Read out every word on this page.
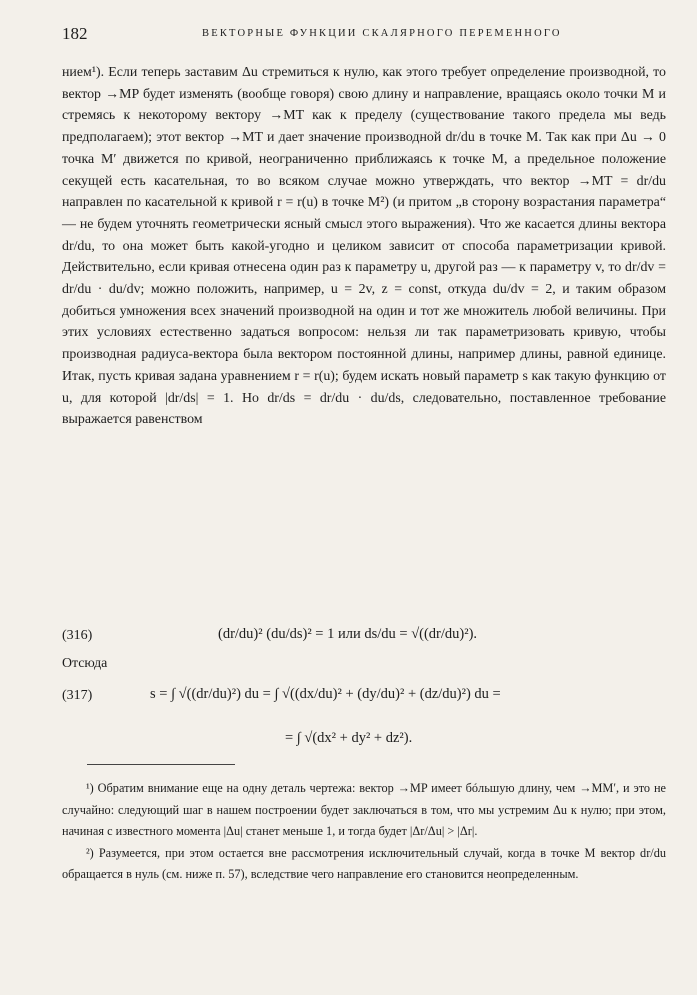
182	ВЕКТОРНЫЕ ФУНКЦИИ СКАЛЯРНОГО ПЕРЕМЕННОГО

нием¹). Если теперь заставим Δu стремиться к нулю, как этого требует определение производной, то вектор →MP будет изменять (вообще говоря) свою длину и направление, вращаясь около точки M и стремясь к некоторому вектору →MT как к пределу (существование такого предела мы ведь предполагаем); этот вектор →MT и дает значение производной dr/du в точке M. Так как при Δu → 0 точка M′ движется по кривой, неограниченно приближаясь к точке M, а предельное положение секущей есть касательная, то во всяком случае можно утверждать, что вектор →MT = dr/du направлен по касательной к кривой r = r(u) в точке M²) (и притом „в сторону возрастания параметра“ — не будем уточнять геометрически ясный смысл этого выражения). Что же касается длины вектора dr/du, то она может быть какой-угодно и целиком зависит от способа параметризации кривой. Действительно, если кривая отнесена один раз к параметру u, другой раз — к параметру v, то dr/dv = dr/du · du/dv; можно положить, например, u = 2v, z = const, откуда du/dv = 2, и таким образом добиться умножения всех значений производной на один и тот же множитель любой величины. При этих условиях естественно задаться вопросом: нельзя ли так параметризовать кривую, чтобы производная радиуса-вектора была вектором постоянной длины, например длины, равной единице. Итак, пусть кривая задана уравнением r = r(u); будем искать новый параметр s как такую функцию от u, для которой |dr/ds| = 1. Но dr/ds = dr/du · du/ds, следовательно, поставленное требование выражается равенством

(316)	(dr/du)² (du/ds)² = 1 или ds/du = √((dr/du)²).
Отсюда
(317)	s = ∫ √((dr/du)²) du = ∫ √((dx/du)² + (dy/du)² + (dz/du)²) du =
= ∫ √(dx² + dy² + dz²).

¹) Обратим внимание еще на одну деталь чертежа: вектор →MP имеет бóльшую длину, чем →MM′, и это не случайно: следующий шаг в нашем построении будет заключаться в том, что мы устремим Δu к нулю; при этом, начиная с известного момента |Δu| станет меньше 1, и тогда будет |Δr/Δu| > |Δr|.

²) Разумеется, при этом остается вне рассмотрения исключительный случай, когда в точке M вектор dr/du обращается в нуль (см. ниже п. 57), вследствие чего направление его становится неопределенным.
